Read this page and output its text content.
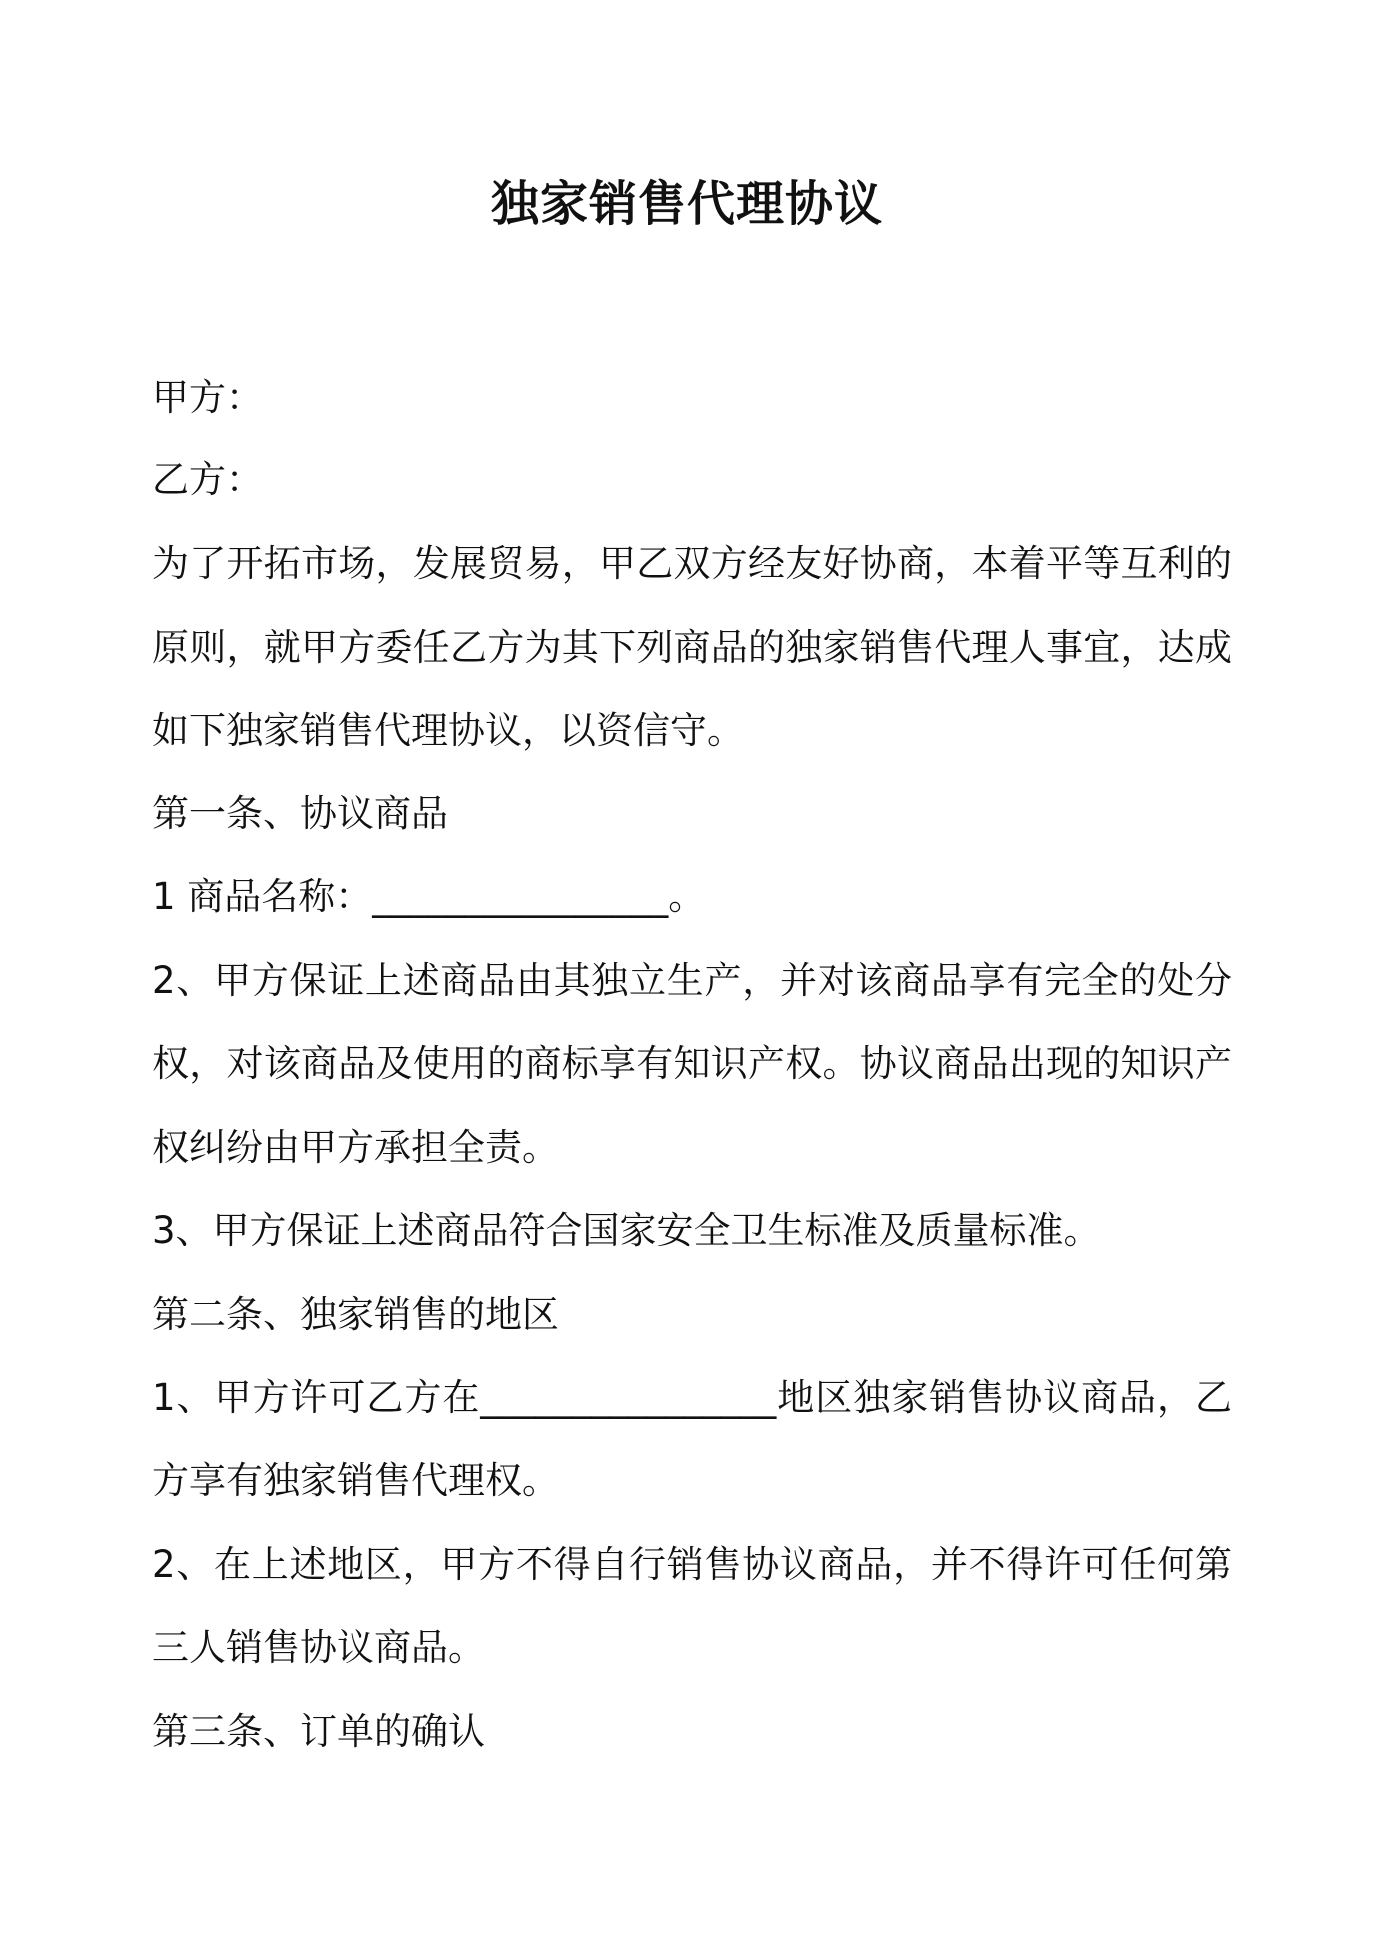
独家销售代理协议

甲方：

乙方：

为了开拓市场，发展贸易，甲乙双方经友好协商，本着平等互利的

原则，就甲方委任乙方为其下列商品的独家销售代理人事宜，达成

如下独家销售代理协议，以资信守。

第一条、协议商品

1 商品名称：________________。

2、甲方保证上述商品由其独立生产，并对该商品享有完全的处分

权，对该商品及使用的商标享有知识产权。协议商品出现的知识产

权纠纷由甲方承担全责。

3、甲方保证上述商品符合国家安全卫生标准及质量标准。

第二条、独家销售的地区

1、甲方许可乙方在________________地区独家销售协议商品，乙

方享有独家销售代理权。

2、在上述地区，甲方不得自行销售协议商品，并不得许可任何第

三人销售协议商品。

第三条、订单的确认
